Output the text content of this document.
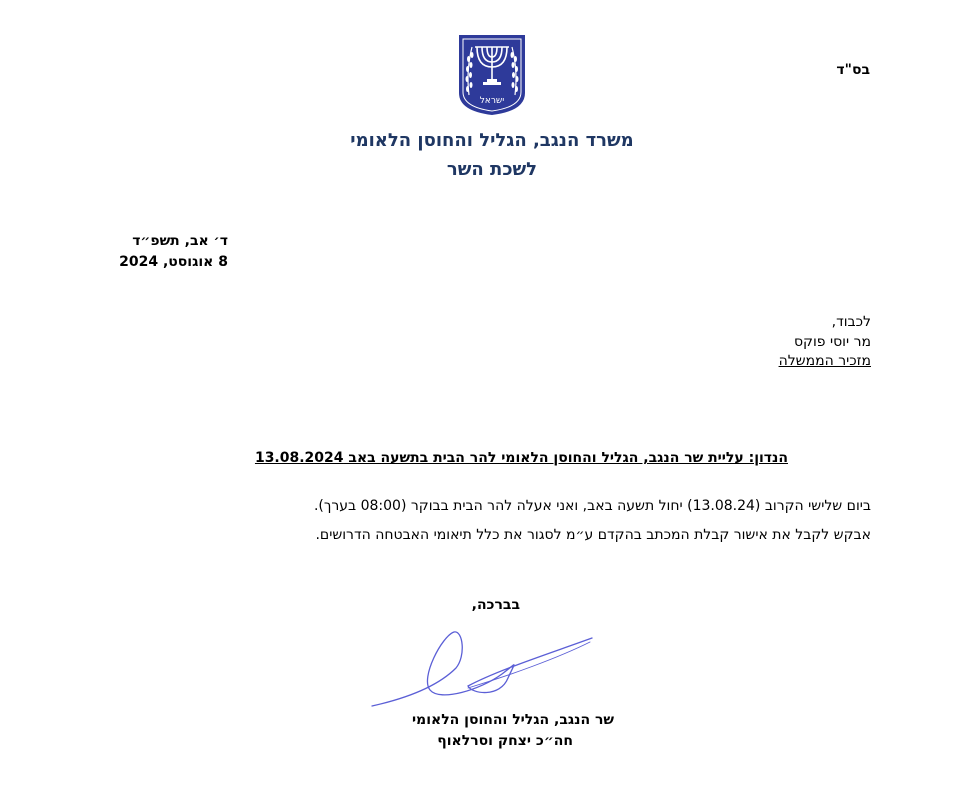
ישראל
בס"ד
משרד הנגב, הגליל והחוסן הלאומי
לשכת השר
ד׳ אב, תשפ״ד
8 אוגוסט, 2024
לכבוד,
מר יוסי פוקס
מזכיר הממשלה
הנדון: עליית שר הנגב, הגליל והחוסן הלאומי להר הבית בתשעה באב 13.08.2024
ביום שלישי הקרוב (13.08.24) יחול תשעה באב, ואני אעלה להר הבית בבוקר (08:00 בערך).
אבקש לקבל את אישור קבלת המכתב בהקדם ע״מ לסגור את כלל תיאומי האבטחה הדרושים.
בברכה,
שר הנגב, הגליל והחוסן הלאומי
חה״כ יצחק וסרלאוף
